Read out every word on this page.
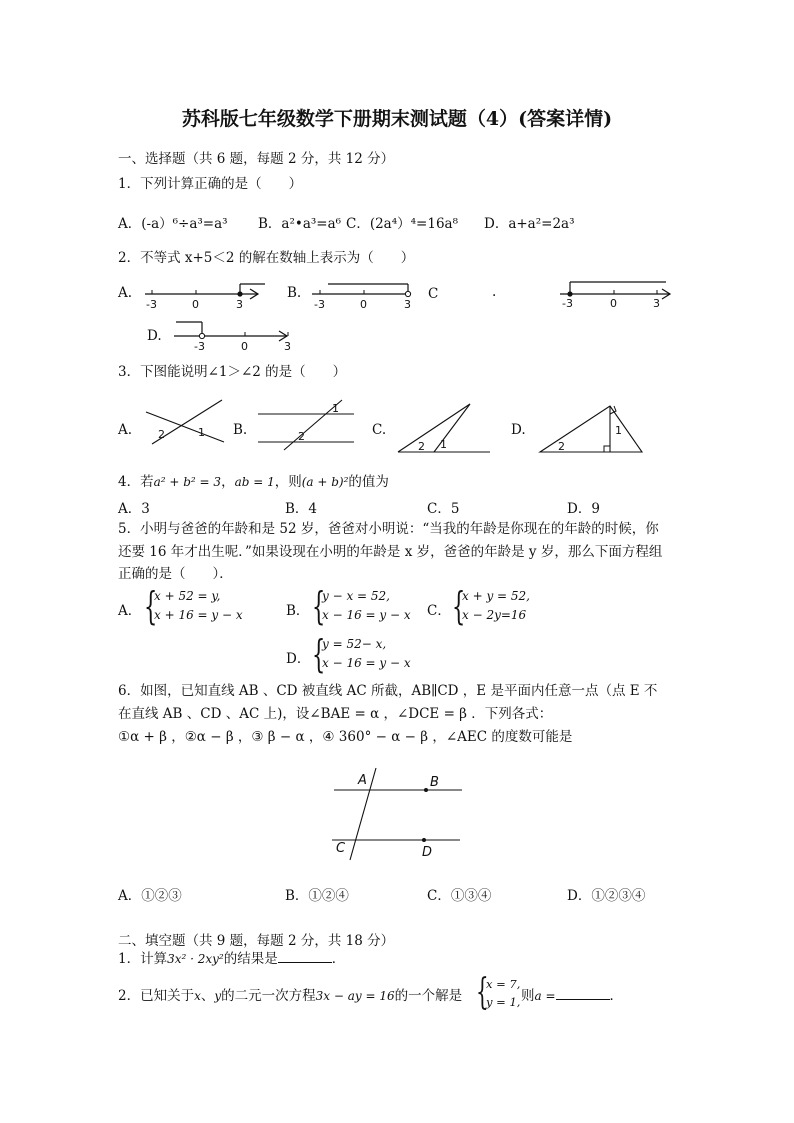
苏科版七年级数学下册期末测试题（4）(答案详情)
一、选择题（共 6 题，每题 2 分，共 12 分）
1．下列计算正确的是（　　）
A．(-a）⁶÷a³=a³ B．a²•a³=a⁶ C．(2a⁴）⁴=16a⁸ D．a+a²=2a³
2．不等式 x+5＜2 的解在数轴上表示为（　　）
A.
-3	0	3
B.
-3	0	3
C	.
-3	0	3
D.
-3	0	3
3．下图能说明∠1＞∠2 的是（　　）
A. 2	1 B.
1
2	C.
2 1
D.
2
1
4．若a² + b² = 3，ab = 1，则(a + b)²的值为
A．3	B．4	C．5	D．9
5．小明与爸爸的年龄和是 52 岁，爸爸对小明说：“当我的年龄是你现在的年龄的时候，你
还要 16 年才出生呢．”如果设现在小明的年龄是 x 岁，爸爸的年龄是 y 岁，那么下面方程组
正确的是（　　）．
A． {
x + 52 = y,
x + 16 = y − x	B． {
y − x = 52,
x − 16 = y − x C． {
x + y = 52,
x − 2y=16
D． {
y = 52− x,
x − 16 = y − x
6．如图，已知直线 AB 、CD 被直线 AC 所截，AB∥CD ，E 是平面内任意一点（点 E 不
在直线 AB 、CD 、AC 上)，设∠BAE = α ，∠DCE = β ．下列各式：
①α + β ，②α − β ，③ β − α ，④ 360° − α − β ，∠AEC 的度数可能是
A	B
C	D
A．①②③	B．①②④	C．①③④	D．①②③④
二、填空题（共 9 题，每题 2 分，共 18 分）
1．计算3x² · 2xy²的结果是	．
2．已知关于x、y的二元一次方程3x − ay = 16的一个解是 {
x = 7,
y = 1, 则a =	．
